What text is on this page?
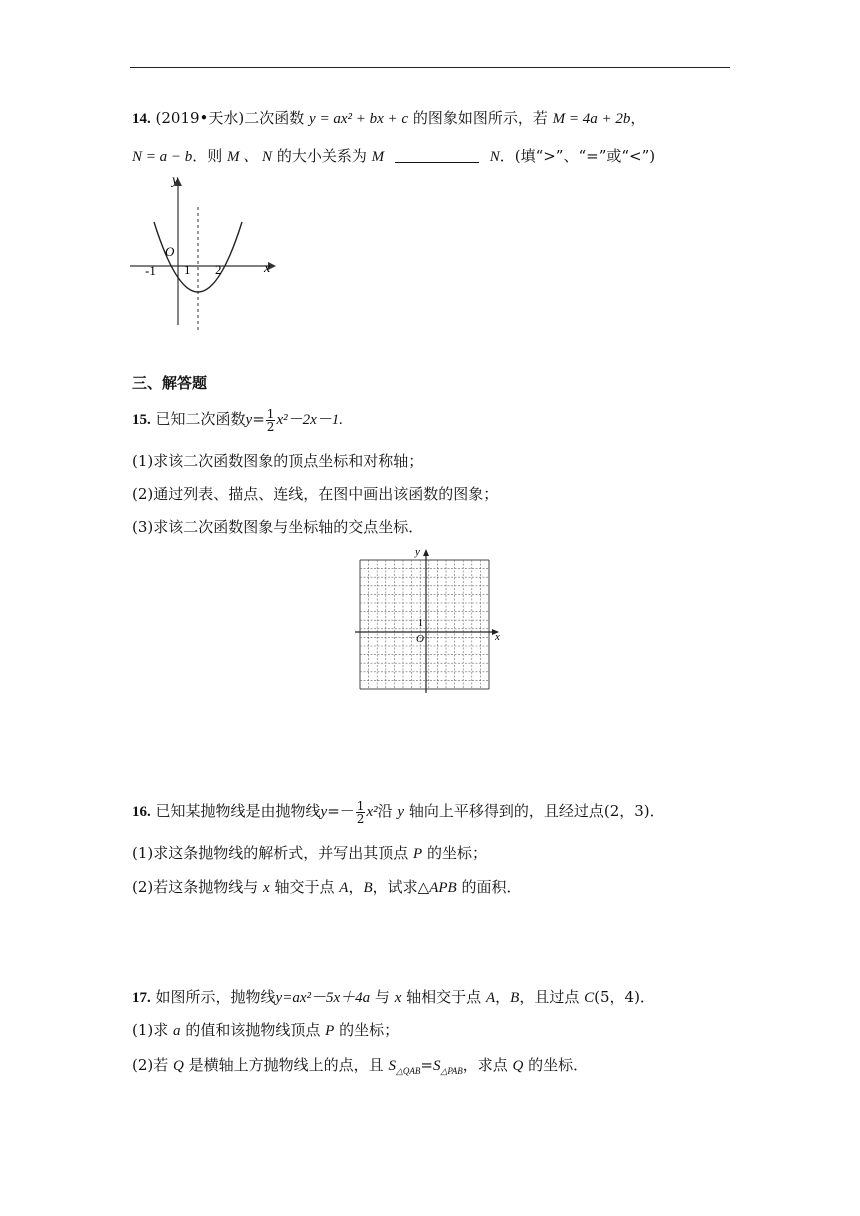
14. (2019•天水)二次函数 y = ax² + bx + c 的图象如图所示，若 M = 4a + 2b，
N = a − b．则 M 、 N 的大小关系为 M	N．(填“>”、“=”或“<”)
y
x
O
-1 1 2
三、解答题
15. 已知二次函数$y= \frac{1}{2} x^2-2x-1$.
(1)求该二次函数图象的顶点坐标和对称轴；
(2)通过列表、描点、连线，在图中画出该函数的图象；
(3)求该二次函数图象与坐标轴的交点坐标．
y
x
O
1
16. 已知某抛物线是由抛物线$y=- \frac{1}{2} x^2$沿 y 轴向上平移得到的，且经过点(2，3)．
(1)求这条抛物线的解析式，并写出其顶点 P 的坐标；
(2)若这条抛物线与 x 轴交于点 A，B，试求△APB 的面积．
17. 如图所示，抛物线y=ax²－5x＋4a 与 x 轴相交于点 A，B，且过点 C(5，4)．
(1)求 a 的值和该抛物线顶点 P 的坐标；
(2)若 Q 是横轴上方抛物线上的点，且 $S_{\triangle QAB}=S_{\triangle PAB}$，求点 Q 的坐标．
